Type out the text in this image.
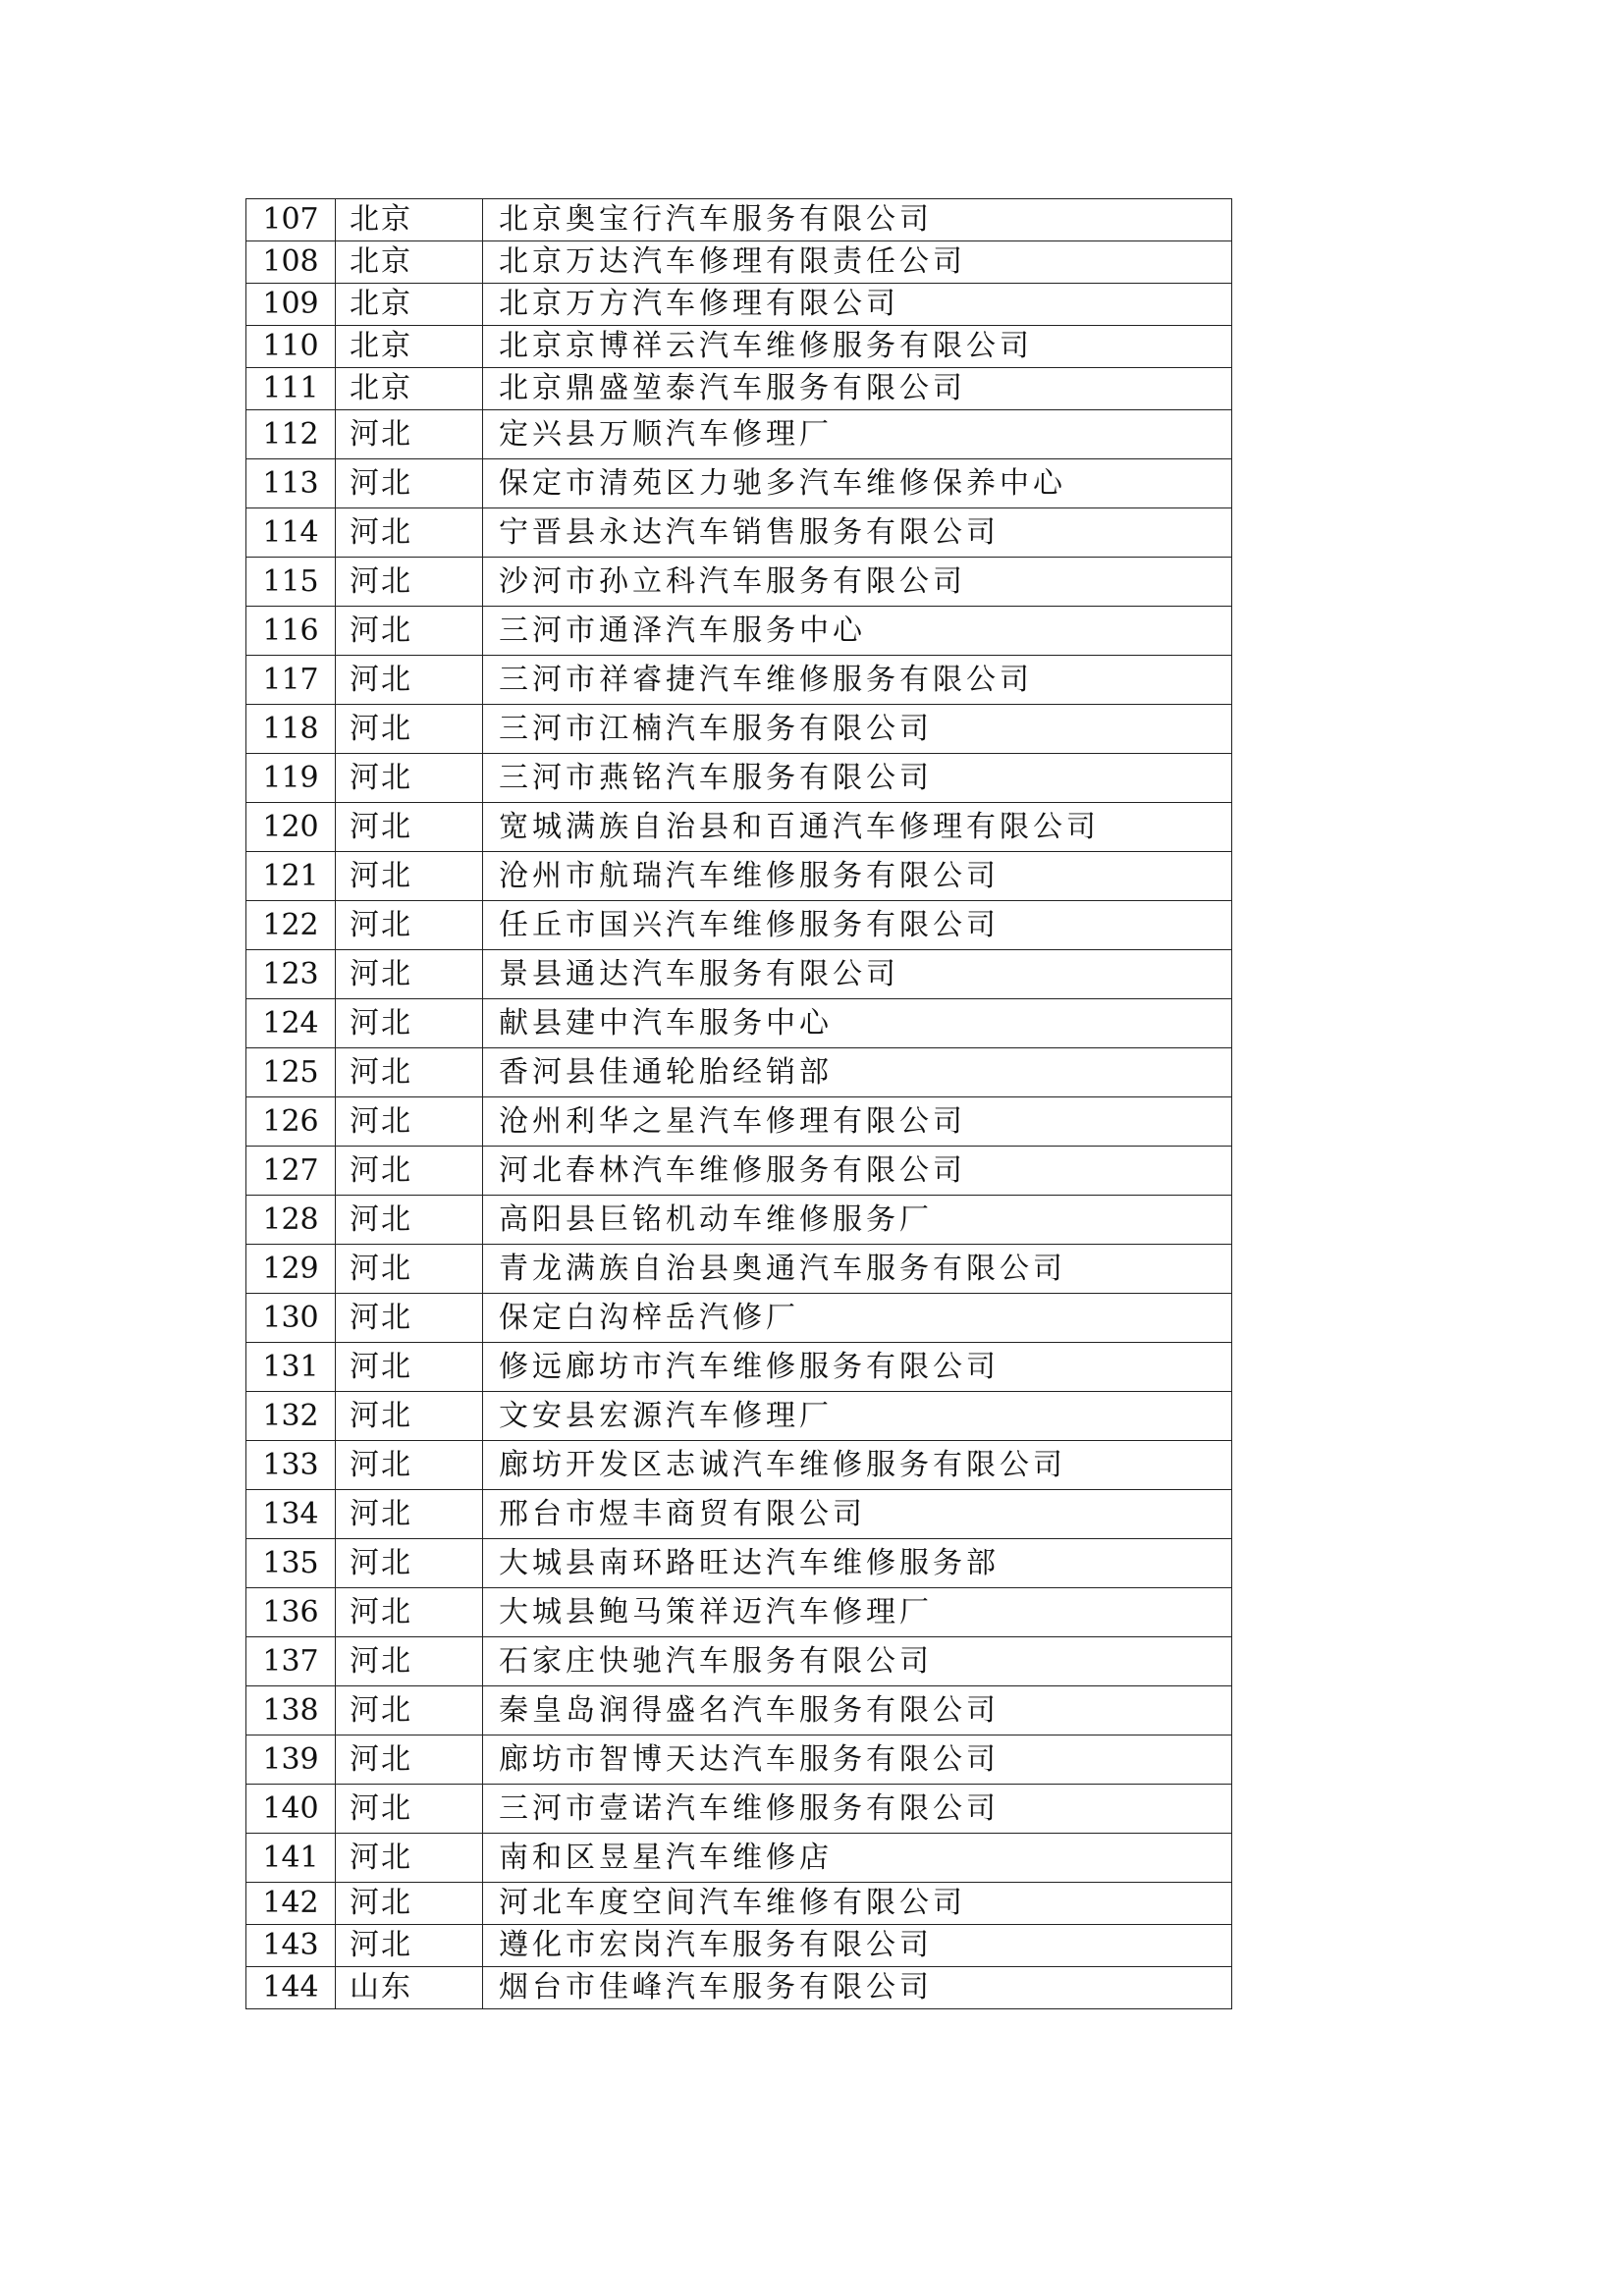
107	北京	北京奥宝行汽车服务有限公司
108	北京	北京万达汽车修理有限责任公司
109	北京	北京万方汽车修理有限公司
110	北京	北京京博祥云汽车维修服务有限公司
111	北京	北京鼎盛堃泰汽车服务有限公司
112	河北	定兴县万顺汽车修理厂
113	河北	保定市清苑区力驰多汽车维修保养中心
114	河北	宁晋县永达汽车销售服务有限公司
115	河北	沙河市孙立科汽车服务有限公司
116	河北	三河市通泽汽车服务中心
117	河北	三河市祥睿捷汽车维修服务有限公司
118	河北	三河市江楠汽车服务有限公司
119	河北	三河市燕铭汽车服务有限公司
120	河北	宽城满族自治县和百通汽车修理有限公司
121	河北	沧州市航瑞汽车维修服务有限公司
122	河北	任丘市国兴汽车维修服务有限公司
123	河北	景县通达汽车服务有限公司
124	河北	献县建中汽车服务中心
125	河北	香河县佳通轮胎经销部
126	河北	沧州利华之星汽车修理有限公司
127	河北	河北春林汽车维修服务有限公司
128	河北	高阳县巨铭机动车维修服务厂
129	河北	青龙满族自治县奥通汽车服务有限公司
130	河北	保定白沟梓岳汽修厂
131	河北	修远廊坊市汽车维修服务有限公司
132	河北	文安县宏源汽车修理厂
133	河北	廊坊开发区志诚汽车维修服务有限公司
134	河北	邢台市煜丰商贸有限公司
135	河北	大城县南环路旺达汽车维修服务部
136	河北	大城县鲍马策祥迈汽车修理厂
137	河北	石家庄快驰汽车服务有限公司
138	河北	秦皇岛润得盛名汽车服务有限公司
139	河北	廊坊市智博天达汽车服务有限公司
140	河北	三河市壹诺汽车维修服务有限公司
141	河北	南和区昱星汽车维修店
142	河北	河北车度空间汽车维修有限公司
143	河北	遵化市宏岗汽车服务有限公司
144	山东	烟台市佳峰汽车服务有限公司
